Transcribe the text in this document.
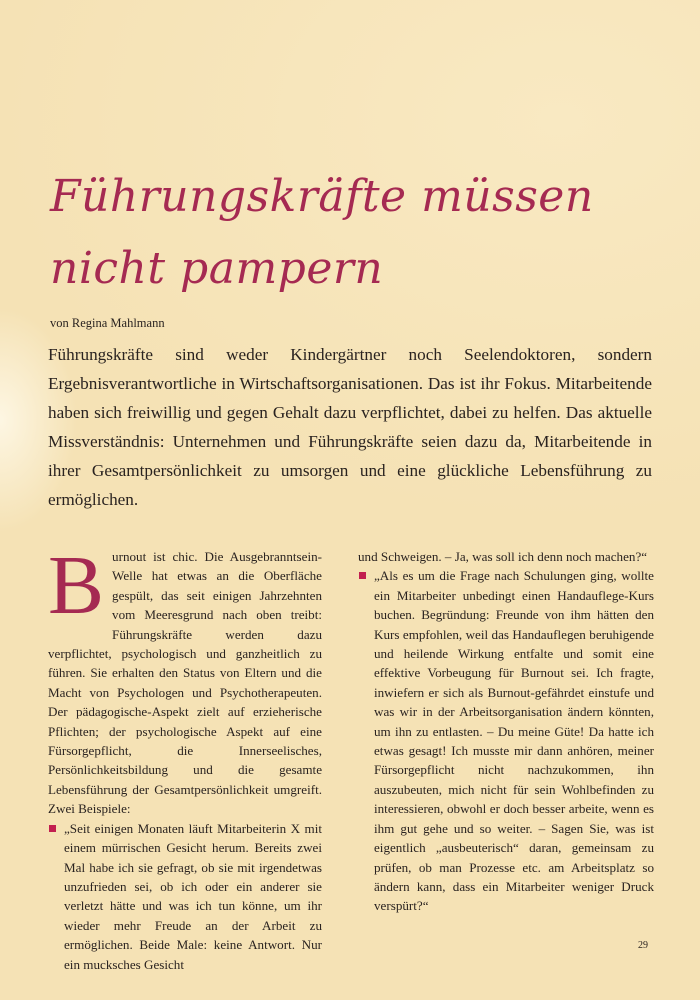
Führungskräfte müssen
nicht pampern
von Regina Mahlmann
Führungskräfte sind weder Kindergärtner noch Seelendoktoren, sondern Ergebnisverantwortliche in Wirtschaftsorganisationen. Das ist ihr Fokus. Mitarbeitende haben sich freiwillig und gegen Gehalt dazu verpflichtet, dabei zu helfen. Das aktuelle Missverständnis: Unternehmen und Führungskräfte seien dazu da, Mitarbeitende in ihrer Gesamtpersönlichkeit zu umsorgen und eine glückliche Lebensführung zu ermöglichen.

Burnout ist chic. Die Ausgebranntsein-Welle hat etwas an die Oberfläche gespült, das seit einigen Jahrzehnten vom Meeresgrund nach oben treibt: Führungskräfte werden dazu verpflichtet, psychologisch und ganzheitlich zu führen. Sie erhalten den Status von Eltern und die Macht von Psychologen und Psychotherapeuten. Der pädagogische-Aspekt zielt auf erzieherische Pflichten; der psychologische Aspekt auf eine Fürsorgepflicht, die Innerseelisches, Persönlichkeitsbildung und die gesamte Lebensführung der Gesamtpersönlichkeit umgreift. Zwei Beispiele:

„Seit einigen Monaten läuft Mitarbeiterin X mit einem mürrischen Gesicht herum. Bereits zwei Mal habe ich sie gefragt, ob sie mit irgendetwas unzufrieden sei, ob ich oder ein anderer sie verletzt hätte und was ich tun könne, um ihr wieder mehr Freude an der Arbeit zu ermöglichen. Beide Male: keine Antwort. Nur ein mucksches Gesicht

und Schweigen. – Ja, was soll ich denn noch machen?“

„Als es um die Frage nach Schulungen ging, wollte ein Mitarbeiter unbedingt einen Handauflege-Kurs buchen. Begründung: Freunde von ihm hätten den Kurs empfohlen, weil das Handauflegen beruhigende und heilende Wirkung entfalte und somit eine effektive Vorbeugung für Burnout sei. Ich fragte, inwiefern er sich als Burnout-gefährdet einstufe und was wir in der Arbeitsorganisation ändern könnten, um ihn zu entlasten. – Du meine Güte! Da hatte ich etwas gesagt! Ich musste mir dann anhören, meiner Fürsorgepflicht nicht nachzukommen, ihn auszubeuten, mich nicht für sein Wohlbefinden zu interessieren, obwohl er doch besser arbeite, wenn es ihm gut gehe und so weiter. – Sagen Sie, was ist eigentlich „ausbeuterisch“ daran, gemeinsam zu prüfen, ob man Prozesse etc. am Arbeitsplatz so ändern kann, dass ein Mitarbeiter weniger Druck verspürt?“

29
